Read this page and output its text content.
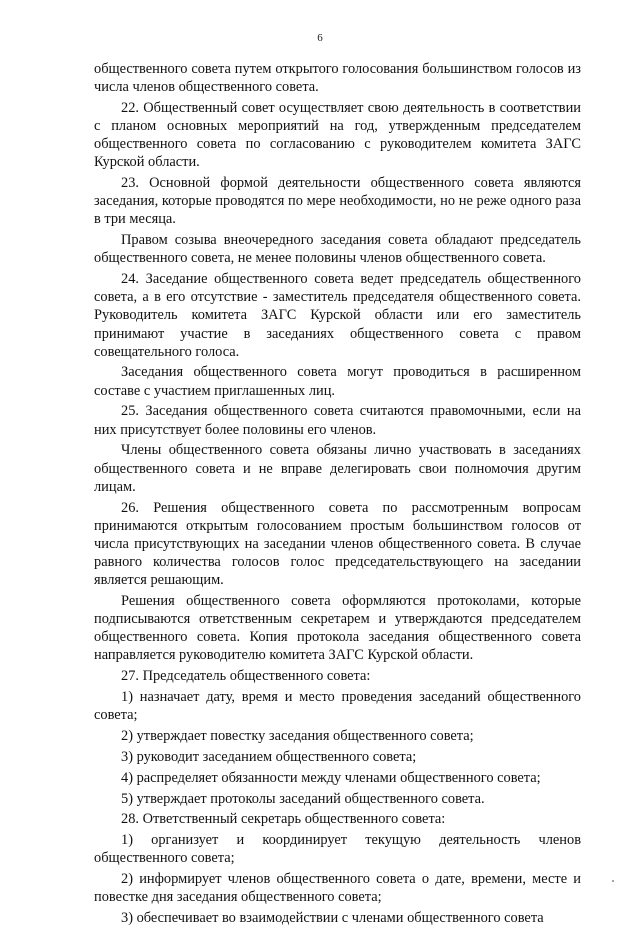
6

общественного совета путем открытого голосования большинством голосов из числа членов общественного совета.

22. Общественный совет осуществляет свою деятельность в соответствии с планом основных мероприятий на год, утвержденным председателем общественного совета по согласованию с руководителем комитета ЗАГС Курской области.

23. Основной формой деятельности общественного совета являются заседания, которые проводятся по мере необходимости, но не реже одного раза в три месяца.

Правом созыва внеочередного заседания совета обладают председатель общественного совета, не менее половины членов общественного совета.

24. Заседание общественного совета ведет председатель общественного совета, а в его отсутствие - заместитель председателя общественного совета. Руководитель комитета ЗАГС Курской области или его заместитель принимают участие в заседаниях общественного совета с правом совещательного голоса.

Заседания общественного совета могут проводиться в расширенном составе с участием приглашенных лиц.

25. Заседания общественного совета считаются правомочными, если на них присутствует более половины его членов.

Члены общественного совета обязаны лично участвовать в заседаниях общественного совета и не вправе делегировать свои полномочия другим лицам.

26. Решения общественного совета по рассмотренным вопросам принимаются открытым голосованием простым большинством голосов от числа присутствующих на заседании членов общественного совета. В случае равного количества голосов голос председательствующего на заседании является решающим.

Решения общественного совета оформляются протоколами, которые подписываются ответственным секретарем и утверждаются председателем общественного совета. Копия протокола заседания общественного совета направляется руководителю комитета ЗАГС Курской области.

27. Председатель общественного совета:

1) назначает дату, время и место проведения заседаний общественного совета;

2) утверждает повестку заседания общественного совета;

3) руководит заседанием общественного совета;

4) распределяет обязанности между членами общественного совета;

5) утверждает протоколы заседаний общественного совета.

28. Ответственный секретарь общественного совета:

1) организует и координирует текущую деятельность членов общественного совета;

2) информирует членов общественного совета о дате, времени, месте и повестке дня заседания общественного совета;

3) обеспечивает во взаимодействии с членами общественного совета
